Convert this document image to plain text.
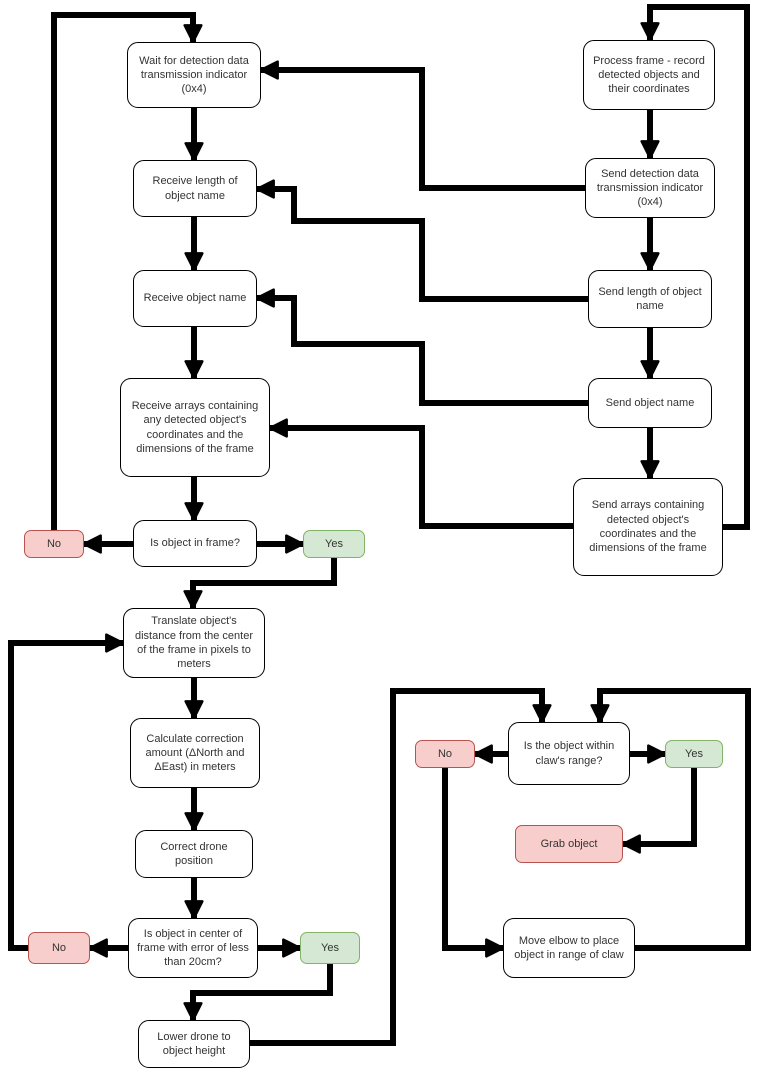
Wait for detection data transmission indicator (0x4)
Receive length of object name
Receive object name
Receive arrays containing any detected object's coordinates and the dimensions of the frame
Is object in frame?
No	Yes
Translate object's distance from the center of the frame in pixels to meters
Calculate correction amount (ΔNorth and ΔEast) in meters
Correct drone position
Is object in center of frame with error of less than 20cm?
No	Yes
Lower drone to object height
Process frame - record detected objects and their coordinates
Send detection data transmission indicator (0x4)
Send length of object name
Send object name
Send arrays containing detected object's coordinates and the dimensions of the frame
Is the object within claw's range?
No	Yes
Grab object
Move elbow to place object in range of claw
